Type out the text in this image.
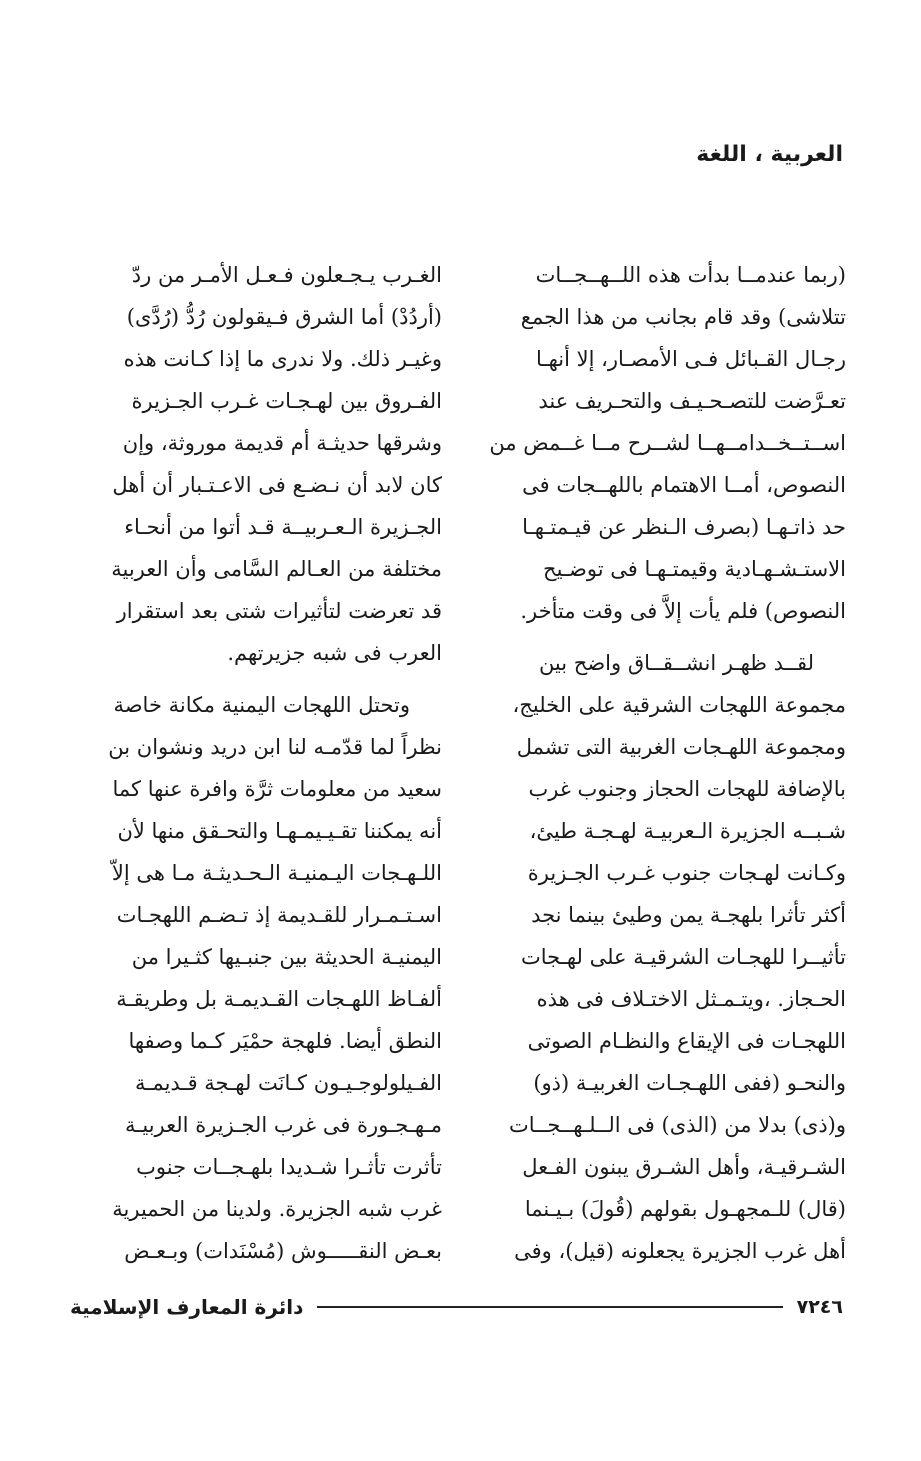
العربية ، اللغة
(ربما عندمــا بدأت هذه اللــهــجــات
تتلاشى) وقد قام بجانب من هذا الجمع
رجـال القـبائل فـى الأمصـار، إلا أنهـا
تعـرَّضت للتصـحـيـف والتحـريف عند
اســتــخــدامــهــا لشــرح مــا غــمض من
النصوص، أمــا الاهتمام باللهــجات فى
حد ذاتـهـا (بصرف الـنظر عن قيـمتـهـا
الاستـشـهـادية وقيمتـهـا فى توضـيح
النصوص) فلم يأت إلاَّ فى وقت متأخر.
لقــد ظهـر انشــقــاق واضح بين
مجموعة اللهجات الشرقية على الخليج،
ومجموعة اللهـجات الغربية التى تشمل
بالإضافة للهجات الحجاز وجنوب غرب
شـبــه الجزيرة الـعربيـة لهـجـة طيئ،
وكـانت لهـجات جنوب غـرب الجـزيرة
أكثر تأثرا بلهجـة يمن وطيئ بينما نجد
تأثيــرا للهجـات الشرقيـة على لهـجات
الحـجاز. ،ويتـمـثل الاختـلاف فى هذه
اللهجـات فى الإيقاع والنظـام الصوتى
والنحـو (ففى اللهـجـات الغربيـة (ذو)
و(ذى) بدلا من (الذى) فى الــلـهــجــات
الشـرقيـة، وأهل الشـرق يبنون الفـعل
(قال) للـمجهـول بقولهم (قُولَ) بـيـنما
أهل غرب الجزيرة يجعلونه (قيل)، وفى
الغـرب يـجـعلون فـعـل الأمـر من ردّ
(أردُدْ) أما الشرق فـيقولون رُدُّ (رُدَّى)
وغيـر ذلك. ولا ندرى ما إذا كـانت هذه
الفـروق بين لهـجـات غـرب الجـزيرة
وشرقها حديثـة أم قديمة موروثة، وإن
كان لابد أن نـضـع فى الاعـتـبار أن أهل
الجـزيرة الـعـربيــة قـد أتوا من أنحـاء
مختلفة من العـالم السَّامى وأن العربية
قد تعرضت لتأثيرات شتى بعد استقرار
العرب فى شبه جزيرتهم.
وتحتل اللهجات اليمنية مكانة خاصة
نظراً لما قدّمـه لنا ابن دريد ونشوان بن
سعيد من معلومات ثرَّة وافرة عنها كما
أنه يمكننا تقـيـيمـهـا والتحـقق منها لأن
اللـهـجات اليـمنيـة الـحـديثـة مـا هى إلاّ
اسـتـمـرار للقـديمة إذ تـضـم اللهجـات
اليمنيـة الحديثة بين جنبـيها كثـيرا من
ألفـاظ اللهـجات القـديمـة بل وطريقـة
النطق أيضا. فلهجة حمْيَر كـما وصفها
الفـيلولوجـيـون كـانَت لهـجة قـديمـة
مـهـجـورة فى غرب الجـزيرة العربيـة
تأثرت تأثـرا شـديدا بلهـجــات جنوب
غرب شبه الجزيرة. ولدينا من الحميرية
بعـض النقـــــوش (مُسْنَدات) وبـعـض
٧٢٤٦
دائرة المعارف الإسلامية
